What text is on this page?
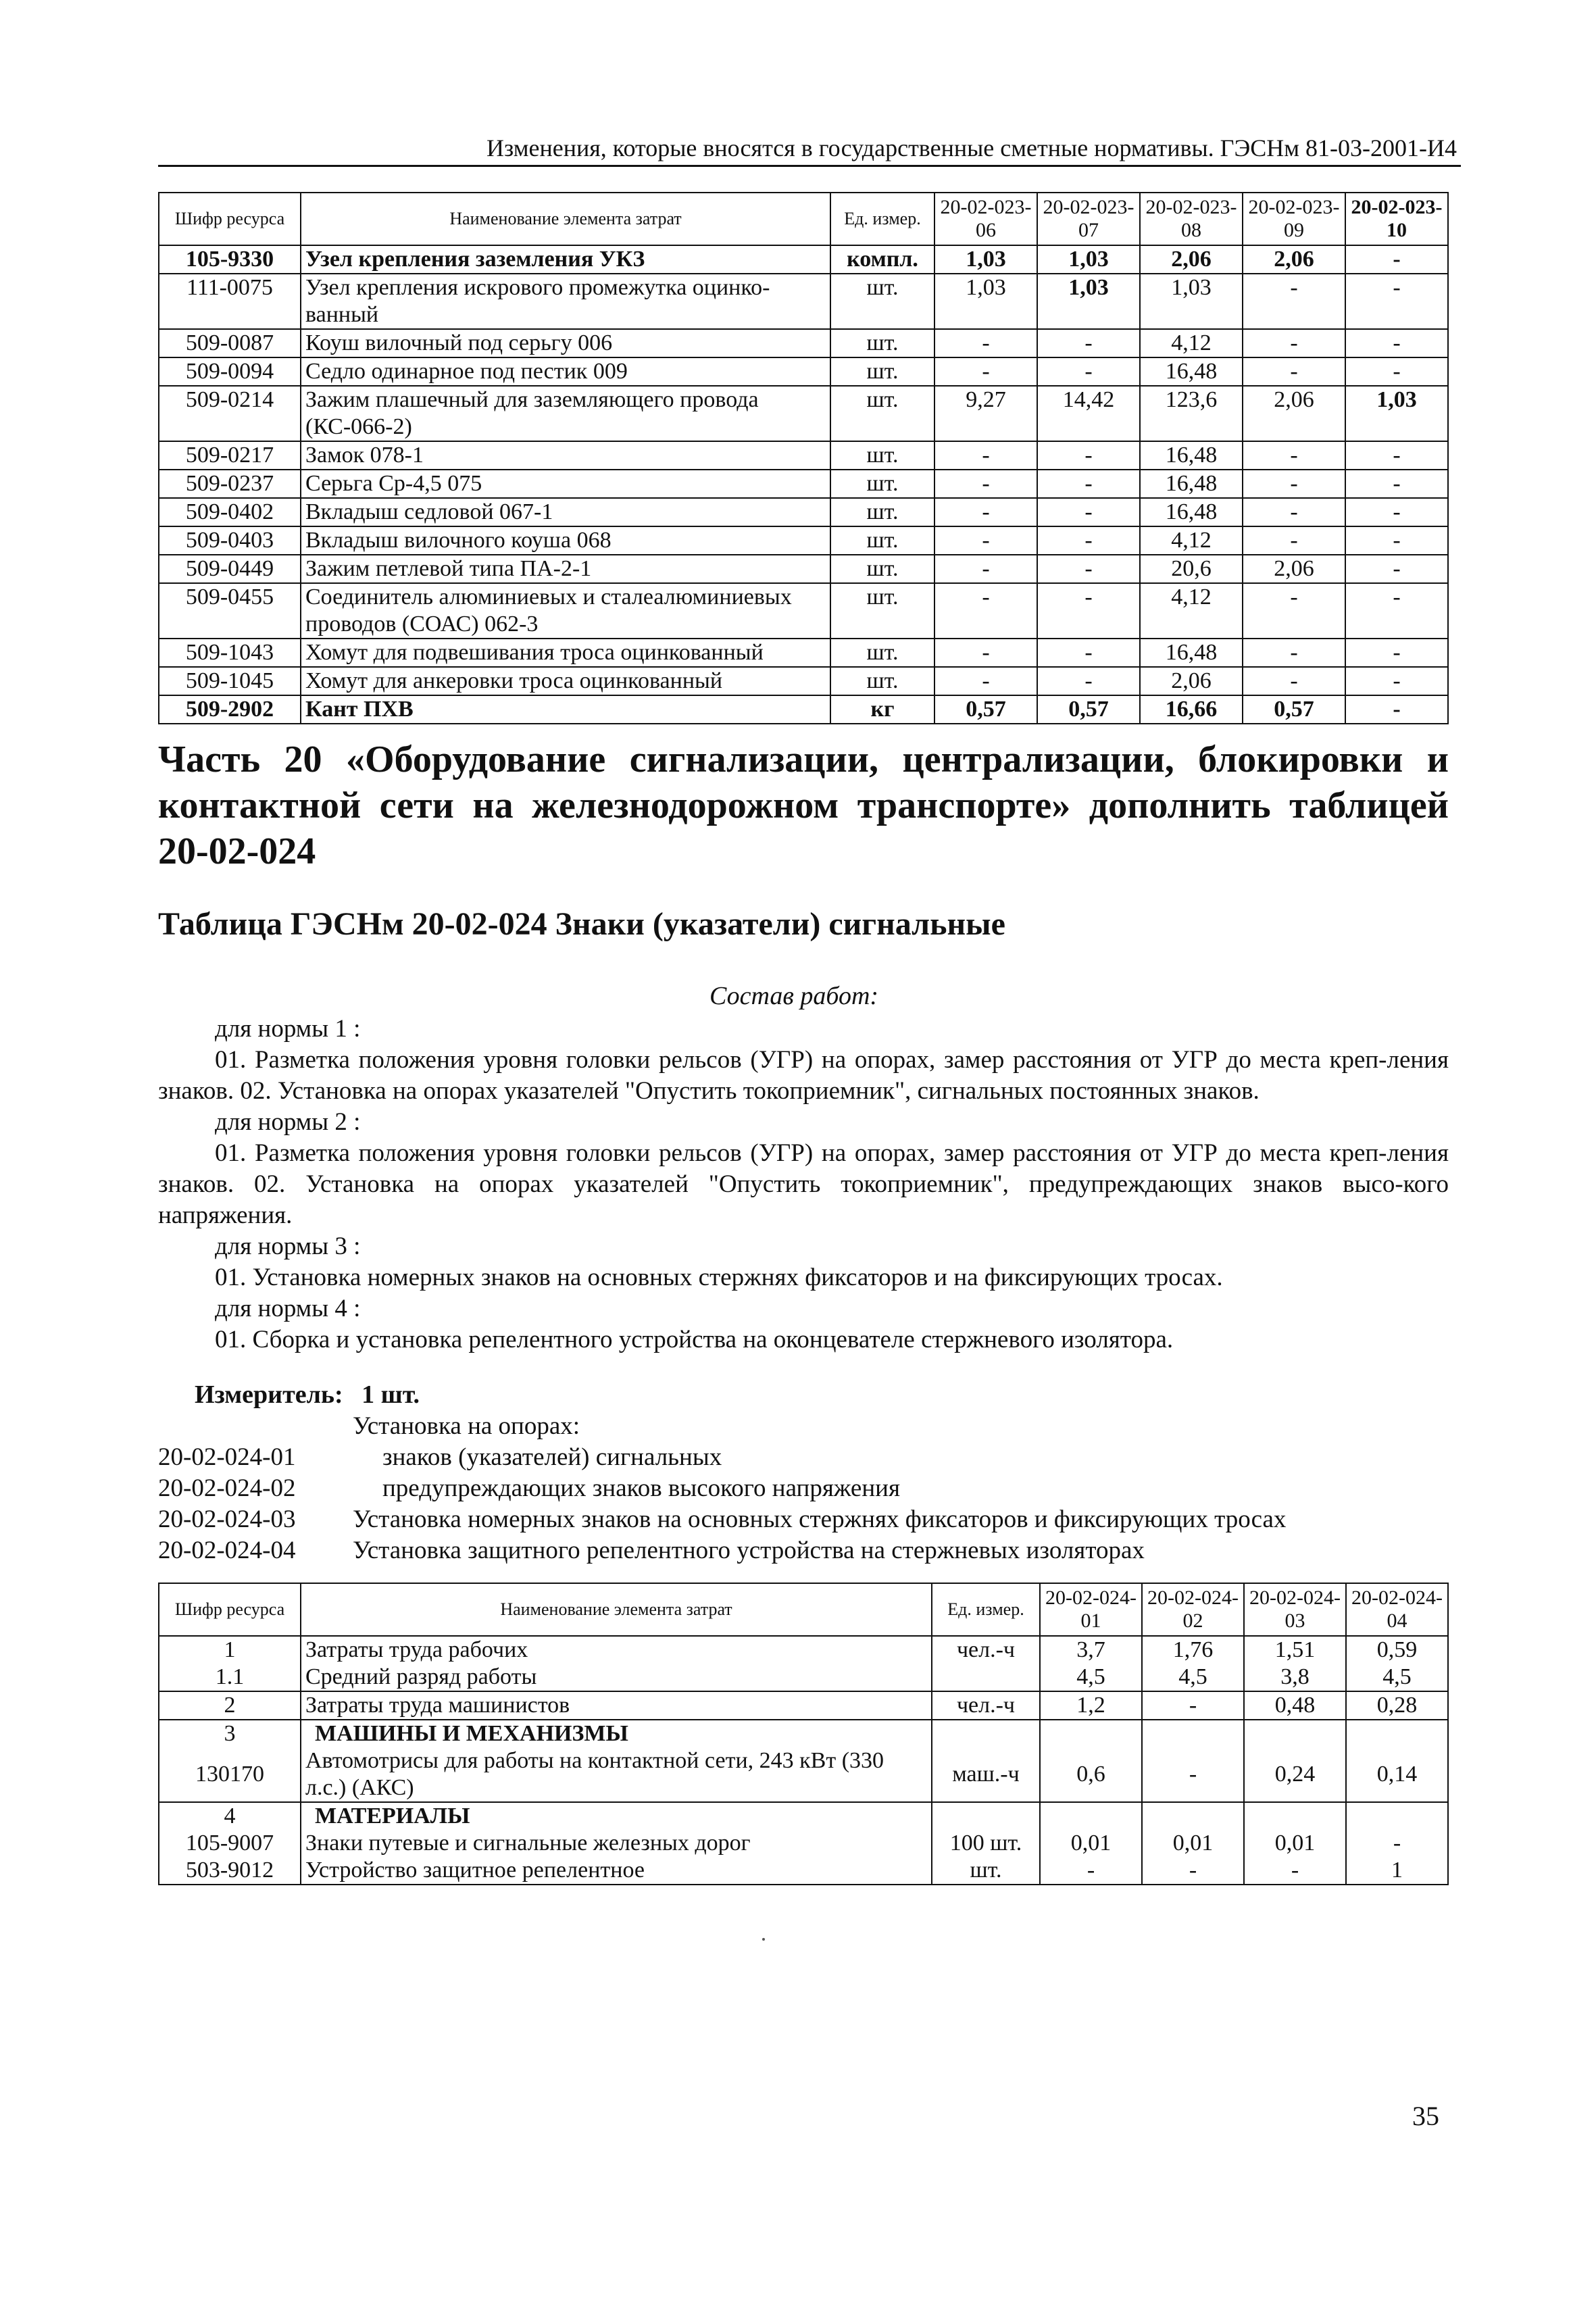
Изменения, которые вносятся в государственные сметные нормативы. ГЭСНм 81-03-2001-И4
Шифр ресурса	Наименование элемента затрат	Ед. измер.	20-02-023-06	20-02-023-07	20-02-023-08	20-02-023-09	20-02-023-10
105-9330	Узел крепления заземления УКЗ	компл.	1,03	1,03	2,06	2,06	-
111-0075	Узел крепления искрового промежутка оцинко-ванный	шт.	1,03	1,03	1,03	-	-
509-0087	Коуш вилочный под серьгу 006	шт.	-	-	4,12	-	-
509-0094	Седло одинарное под пестик 009	шт.	-	-	16,48	-	-
509-0214	Зажим плашечный для заземляющего провода (КС-066-2)	шт.	9,27	14,42	123,6	2,06	1,03
509-0217	Замок 078-1	шт.	-	-	16,48	-	-
509-0237	Серьга Ср-4,5 075	шт.	-	-	16,48	-	-
509-0402	Вкладыш седловой 067-1	шт.	-	-	16,48	-	-
509-0403	Вкладыш вилочного коуша 068	шт.	-	-	4,12	-	-
509-0449	Зажим петлевой типа ПА-2-1	шт.	-	-	20,6	2,06	-
509-0455	Соединитель алюминиевых и сталеалюминиевых проводов (СОАС) 062-3	шт.	-	-	4,12	-	-
509-1043	Хомут для подвешивания троса оцинкованный	шт.	-	-	16,48	-	-
509-1045	Хомут для анкеровки троса оцинкованный	шт.	-	-	2,06	-	-
509-2902	Кант ПХВ	кг	0,57	0,57	16,66	0,57	-
Часть 20 «Оборудование сигнализации, централизации, блокировки и контактной сети на железнодорожном транспорте» дополнить таблицей 20-02-024
Таблица ГЭСНм 20-02-024 Знаки (указатели) сигнальные
Состав работ:
для нормы 1 :
01. Разметка положения уровня головки рельсов (УГР) на опорах, замер расстояния от УГР до места креп-ления знаков. 02. Установка на опорах указателей "Опустить токоприемник", сигнальных постоянных знаков.
для нормы 2 :
01. Разметка положения уровня головки рельсов (УГР) на опорах, замер расстояния от УГР до места креп-ления знаков. 02. Установка на опорах указателей "Опустить токоприемник", предупреждающих знаков высо-кого напряжения.
для нормы 3 :
01. Установка номерных знаков на основных стержнях фиксаторов и на фиксирующих тросах.
для нормы 4 :
01. Сборка и установка репелентного устройства на оконцевателе стержневого изолятора.
Измеритель: 1 шт.
Установка на опорах:
20-02-024-01	знаков (указателей) сигнальных
20-02-024-02	предупреждающих знаков высокого напряжения
20-02-024-03 Установка номерных знаков на основных стержнях фиксаторов и фиксирующих тросах
20-02-024-04 Установка защитного репелентного устройства на стержневых изоляторах
Шифр ресурса	Наименование элемента затрат	Ед. измер.	20-02-024-01	20-02-024-02	20-02-024-03	20-02-024-04
1	Затраты труда рабочих	чел.-ч	3,7	1,76	1,51	0,59
1.1	Средний разряд работы		4,5	4,5	3,8	4,5
2	Затраты труда машинистов	чел.-ч	1,2	-	0,48	0,28
3	МАШИНЫ И МЕХАНИЗМЫ					
130170	Автомотрисы для работы на контактной сети, 243 кВт (330 л.с.) (АКС)	маш.-ч	0,6	-	0,24	0,14
4	МАТЕРИАЛЫ					
105-9007	Знаки путевые и сигнальные железных дорог	100 шт.	0,01	0,01	0,01	-
503-9012	Устройство защитное репелентное	шт.	-	-	-	1
35
